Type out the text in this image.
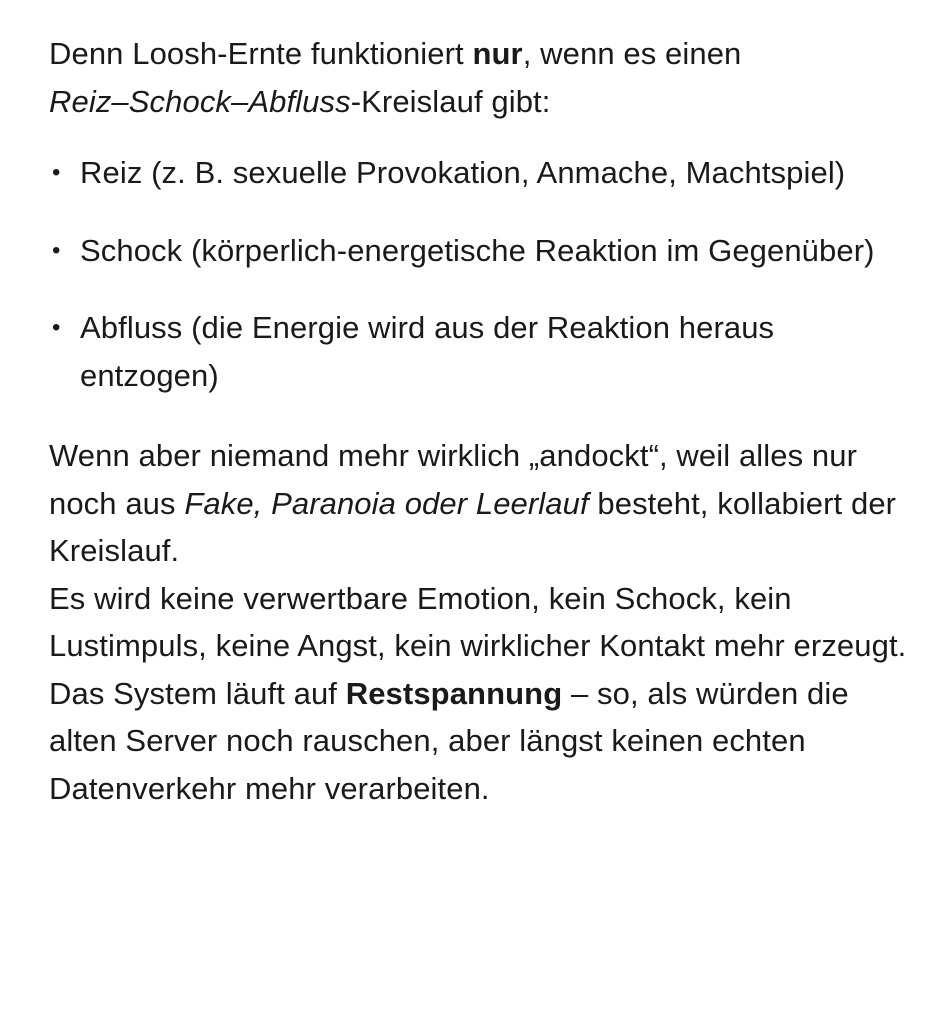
Denn Loosh-Ernte funktioniert nur, wenn es einen
Reiz–Schock–Abfluss-Kreislauf gibt:

• Reiz (z. B. sexuelle Provokation, Anmache, Machtspiel)
• Schock (körperlich-energetische Reaktion im Gegenüber)
• Abfluss (die Energie wird aus der Reaktion heraus entzogen)

Wenn aber niemand mehr wirklich „andockt“, weil alles nur noch aus Fake, Paranoia oder Leerlauf besteht, kollabiert der Kreislauf.
Es wird keine verwertbare Emotion, kein Schock, kein Lustimpuls, keine Angst, kein wirklicher Kontakt mehr erzeugt.
Das System läuft auf Restspannung – so, als würden die alten Server noch rauschen, aber längst keinen echten Datenverkehr mehr verarbeiten.
